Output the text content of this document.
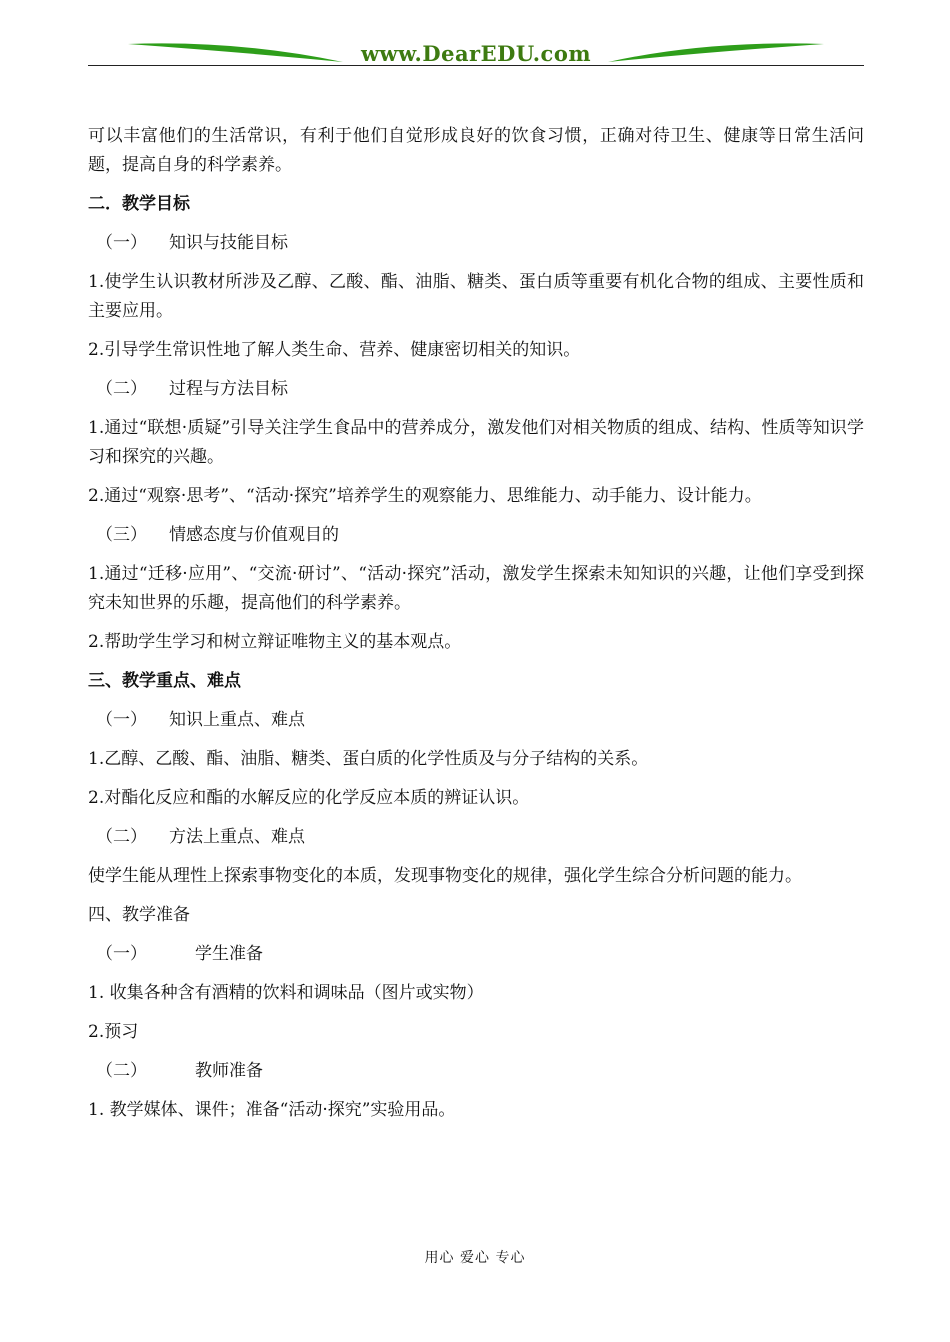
www.DearEDU.com

可以丰富他们的生活常识，有利于他们自觉形成良好的饮食习惯，正确对待卫生、健康等日常生活问题，提高自身的科学素养。

二．教学目标

（一） 知识与技能目标

1.使学生认识教材所涉及乙醇、乙酸、酯、油脂、糖类、蛋白质等重要有机化合物的组成、主要性质和主要应用。

2.引导学生常识性地了解人类生命、营养、健康密切相关的知识。

（二） 过程与方法目标

1.通过“联想·质疑”引导关注学生食品中的营养成分，激发他们对相关物质的组成、结构、性质等知识学习和探究的兴趣。

2.通过“观察·思考”、“活动·探究”培养学生的观察能力、思维能力、动手能力、设计能力。

（三） 情感态度与价值观目的

1.通过“迁移·应用”、“交流·研讨”、“活动·探究”活动，激发学生探索未知知识的兴趣，让他们享受到探究未知世界的乐趣，提高他们的科学素养。

2.帮助学生学习和树立辩证唯物主义的基本观点。

三、教学重点、难点

（一） 知识上重点、难点

1.乙醇、乙酸、酯、油脂、糖类、蛋白质的化学性质及与分子结构的关系。

2.对酯化反应和酯的水解反应的化学反应本质的辨证认识。

（二） 方法上重点、难点

使学生能从理性上探索事物变化的本质，发现事物变化的规律，强化学生综合分析问题的能力。

四、教学准备

（一）	学生准备

1. 收集各种含有酒精的饮料和调味品（图片或实物）

2.预习

（二）	教师准备

1. 教学媒体、课件；准备“活动·探究”实验用品。

用心 爱心 专心
